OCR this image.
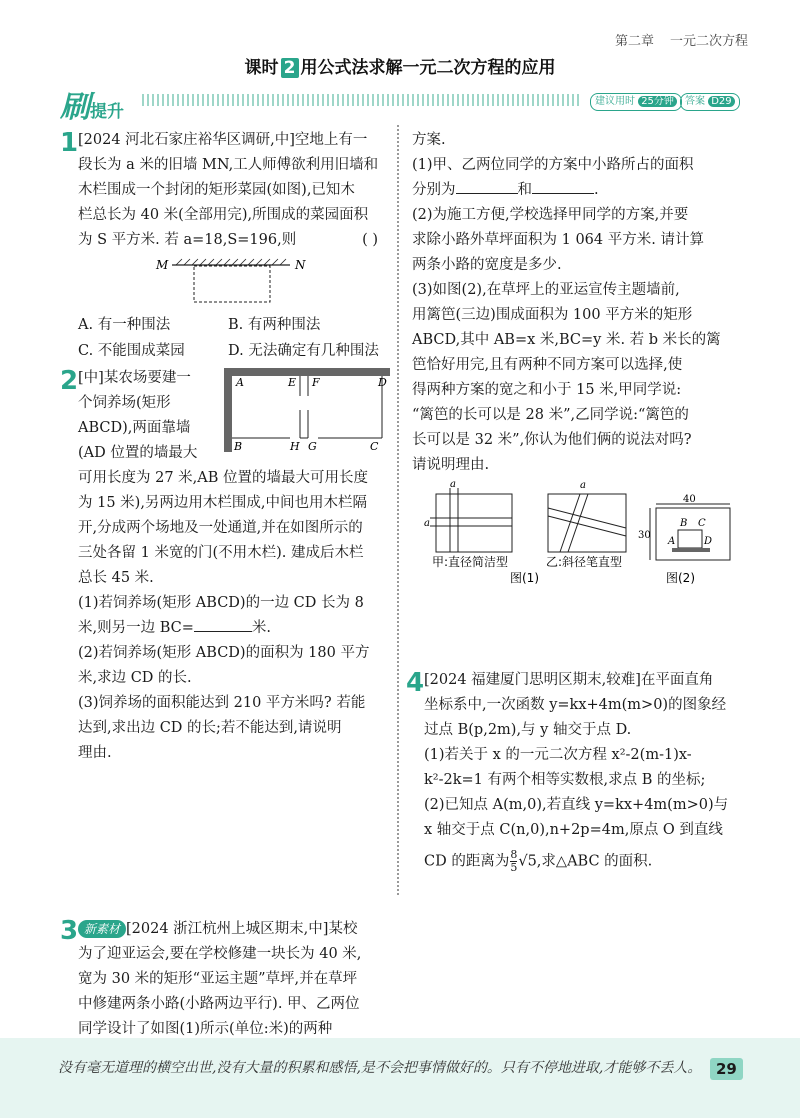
第二章 一元二次方程
课时 2 用公式法求解一元二次方程的应用
刷提升
建议用时 25分钟	答案 D29
1 [2024 河北石家庄裕华区调研,中]空地上有一

段长为 a 米的旧墙 MN,工人师傅欲利用旧墙和

木栏围成一个封闭的矩形菜园(如图),已知木

栏总长为 40 米(全部用完),所围成的菜园面积

为 S 平方米. 若 a=18,S=196,则	( )

M	N
A. 有一种围法	B. 有两种围法
C. 不能围成菜园	D. 无法确定有几种围法
2 [中]某农场要建一

个饲养场(矩形

ABCD),两面靠墙

(AD 位置的墙最大

A	E F	D
B	H G	C

可用长度为 27 米,AB 位置的墙最大可用长度

为 15 米),另两边用木栏围成,中间也用木栏隔

开,分成两个场地及一处通道,并在如图所示的

三处各留 1 米宽的门(不用木栏). 建成后木栏

总长 45 米.

(1)若饲养场(矩形 ABCD)的一边 CD 长为 8

米,则另一边 BC=	米.

(2)若饲养场(矩形 ABCD)的面积为 180 平方

米,求边 CD 的长.

(3)饲养场的面积能达到 210 平方米吗? 若能

达到,求出边 CD 的长;若不能达到,请说明

理由.

3 新素材 [2024 浙江杭州上城区期末,中]某校

为了迎亚运会,要在学校修建一块长为 40 米,

宽为 30 米的矩形“亚运主题”草坪,并在草坪

中修建两条小路(小路两边平行). 甲、乙两位

同学设计了如图(1)所示(单位:米)的两种

方案.

(1)甲、乙两位同学的方案中小路所占的面积

分别为	和	.

(2)为施工方便,学校选择甲同学的方案,并要

求除小路外草坪面积为 1 064 平方米. 请计算

两条小路的宽度是多少.

(3)如图(2),在草坪上的亚运宣传主题墙前,

用篱笆(三边)围成面积为 100 平方米的矩形

ABCD,其中 AB=x 米,BC=y 米. 若 b 米长的篱

笆恰好用完,且有两种不同方案可以选择,使

得两种方案的宽之和小于 15 米,甲同学说:

“篱笆的长可以是 28 米”,乙同学说:“篱笆的

长可以是 32 米”,你认为他们俩的说法对吗?

请说明理由.

a
a
甲:直径简洁型
a
乙:斜径笔直型
图(1)
40
30
B C
A	D
图(2)
4 [2024 福建厦门思明区期末,较难]在平面直角

坐标系中,一次函数 y=kx+4m(m>0)的图象经

过点 B(p,2m),与 y 轴交于点 D.

(1)若关于 x 的一元二次方程 x²-2(m-1)x-

k²-2k=1 有两个相等实数根,求点 B 的坐标;

(2)已知点 A(m,0),若直线 y=kx+4m(m>0)与

x 轴交于点 C(n,0),n+2p=4m,原点 O 到直线

CD 的距离为 $\frac{8}{5} √5$,求△ABC 的面积.

没有毫无道理的横空出世,没有大量的积累和感悟,是不会把事情做好的。只有不停地进取,才能够不丢人。 29
